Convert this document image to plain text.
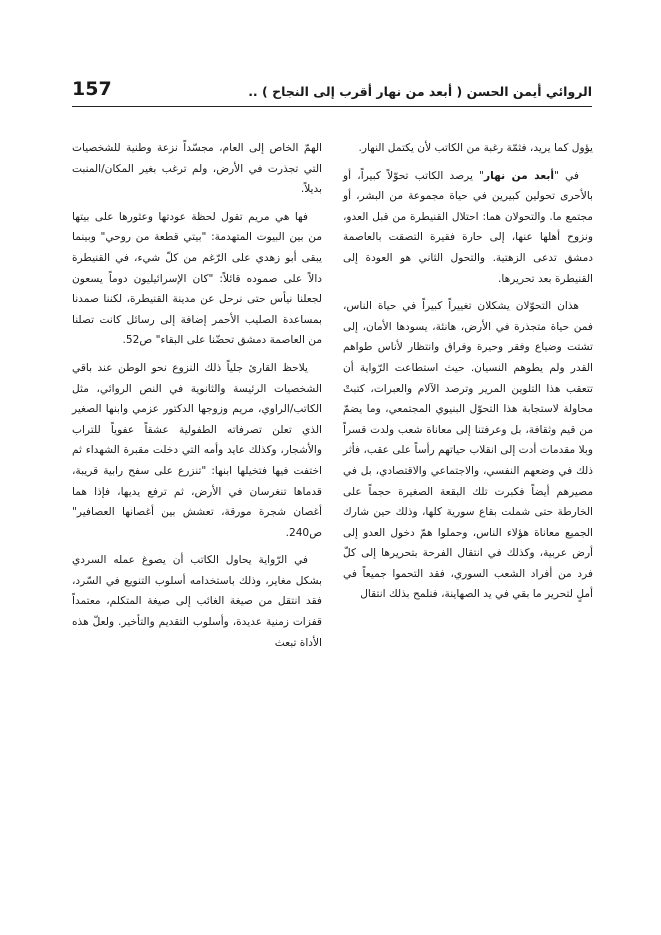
157	الروائي أيمن الحسن ( أبعد من نهار أقرب إلى النجاح ) ..

يؤول كما يريد، فثمّة رغبة من الكاتب لأن يكتمل النهار.

في "أبعد من نهار" يرصد الكاتب تحوّلاً كبيراً، أو بالأحرى تحولين كبيرين في حياة مجموعة من البشر، أو مجتمع ما. والتحولان هما: احتلال القنيطرة من قبل العدو، ونزوح أهلها عنها، إلى حارة فقيرة التصقت بالعاصمة دمشق تدعى الزهتية. والتحول الثاني هو العودة إلى القنيطرة بعد تحريرها.

هذان التحوّلان يشكلان تغييراً كبيراً في حياة الناس، فمن حياة متجذرة في الأرض، هانئة، يسودها الأمان، إلى تشتت وضياع وفقر وحيرة وفراق وانتظار لأناس طواهم القدر ولم يطوهم النسيان. حيث استطاعت الرّواية أن تتعقب هذا التلوين المرير وترصد الآلام والعبرات، كتبتْ محاولة لاستجابة هذا التحوّل البنيوي المجتمعي، وما يضمّ من قيم وثقافة، بل وعرفتنا إلى معاناة شعب ولدت قسراً وبلا مقدمات أدت إلى انقلاب حياتهم رأساً على عقب، فأثر ذلك في وضعهم النفسي، والاجتماعي والاقتصادي، بل في مصيرهم أيضاً فكبرت تلك البقعة الصغيرة حجماً على الخارطة حتى شملت بقاع سورية كلها، وذلك حين شارك الجميع معاناة هؤلاء الناس، وحملوا همّ دخول العدو إلى أرض عربية، وكذلك في انتقال الفرحة بتحريرها إلى كلّ فرد من أفراد الشعب السوري، فقد التحموا جميعاً في أملٍ لتحرير ما بقي في يد الصهاينة، فنلمح بذلك انتقال

الهمّ الخاص إلى العام، مجسّداً نزعة وطنية للشخصيات التي تجذرت في الأرض، ولم ترغب بغير المكان/المنبت بديلاً.

فها هي مريم تقول لحظة عودتها وعثورها على بيتها من بين البيوت المتهدمة: "بيتي قطعة من روحي" وبينما يبقى أبو زهدي على الرّغم من كلّ شيء، في القنيطرة دالاً على صموده قائلاً: "كان الإسرائيليون دوماً يسعون لجعلنا نيأس حتى نرحل عن مدينة القنيطرة، لكننا صمدنا بمساعدة الصليب الأحمر إضافة إلى رسائل كانت تصلنا من العاصمة دمشق تحضّنا على البقاء" ص52.

يلاحظ القارئ جلياً ذلك النزوع نحو الوطن عند باقي الشخصيات الرئيسة والثانوية في النص الروائي، مثل الكاتب/الراوي، مريم وزوجها الدكتور عزمي وابنها الصغير الذي تعلن تصرفاته الطفولية عشقاً عفوياً للتراب والأشجار، وكذلك عايد وأمه التي دخلت مقبرة الشهداء ثم اختفت فيها فتخيلها ابنها: "تنزرع على سفح رابية قريبة، قدماها تنغرسان في الأرض، ثم ترفع يديها، فإذا هما أغصان شجرة مورقة، تعشش بين أغصانها العصافير" ص240.

في الرّواية يحاول الكاتب أن يصوغ عمله السردي بشكل مغاير، وذلك باستخدامه أسلوب التنويع في السّرد، فقد انتقل من صيغة الغائب إلى صيغة المتكلم، معتمداً قفزات زمنية عديدة، وأسلوب التقديم والتأخير. ولعلّ هذه الأداة تبعث
